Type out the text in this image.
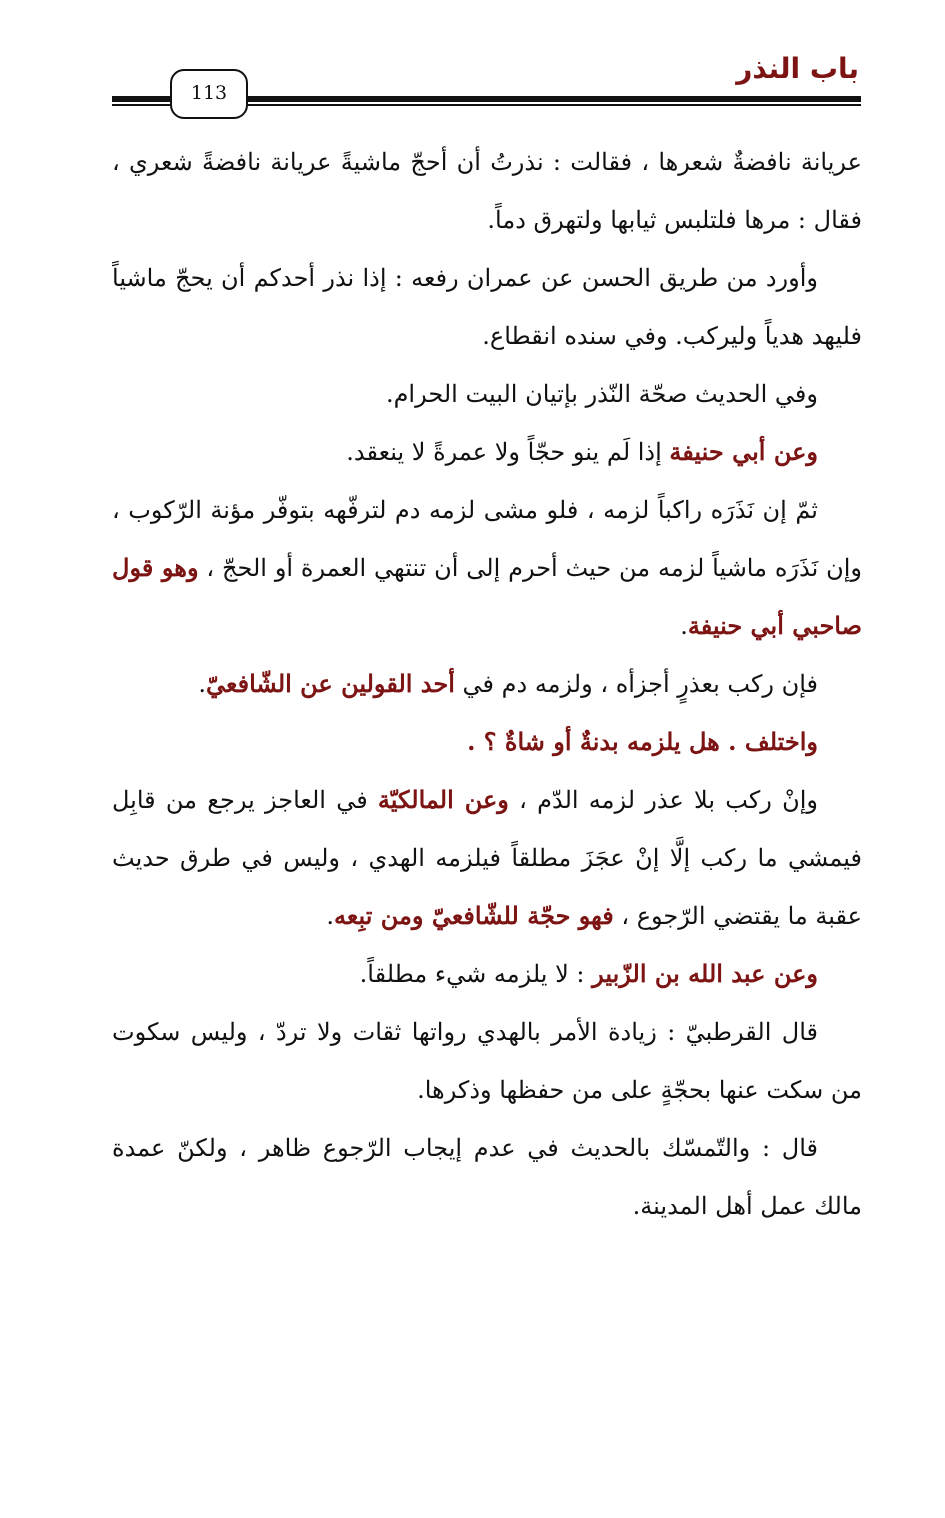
باب النذر
113

عريانة نافضةٌ شعرها ، فقالت : نذرتُ أن أحجّ ماشيةً عريانة نافضةً شعري ، فقال : مرها فلتلبس ثيابها ولتهرق دماً.

وأورد من طريق الحسن عن عمران رفعه : إذا نذر أحدكم أن يحجّ ماشياً فليهد هدياً وليركب. وفي سنده انقطاع.

وفي الحديث صحّة النّذر بإتيان البيت الحرام.

وعن أبي حنيفة إذا لَم ينو حجّاً ولا عمرةً لا ينعقد.

ثمّ إن نَذَرَه راكباً لزمه ، فلو مشى لزمه دم لترفّهه بتوفّر مؤنة الرّكوب ، وإن نَذَرَه ماشياً لزمه من حيث أحرم إلى أن تنتهي العمرة أو الحجّ ، وهو قول صاحبي أبي حنيفة.

فإن ركب بعذرٍ أجزأه ، ولزمه دم في أحد القولين عن الشّافعيّ.

واختلف . هل يلزمه بدنةٌ أو شاةٌ ؟ .

وإنْ ركب بلا عذر لزمه الدّم ، وعن المالكيّة في العاجز يرجع من قابِل فيمشي ما ركب إلَّا إنْ عجَزَ مطلقاً فيلزمه الهدي ، وليس في طرق حديث عقبة ما يقتضي الرّجوع ، فهو حجّة للشّافعيّ ومن تبِعه.

وعن عبد الله بن الزّبير : لا يلزمه شيء مطلقاً.

قال القرطبيّ : زيادة الأمر بالهدي رواتها ثقات ولا تردّ ، وليس سكوت من سكت عنها بحجّةٍ على من حفظها وذكرها.

قال : والتّمسّك بالحديث في عدم إيجاب الرّجوع ظاهر ، ولكنّ عمدة مالك عمل أهل المدينة.
